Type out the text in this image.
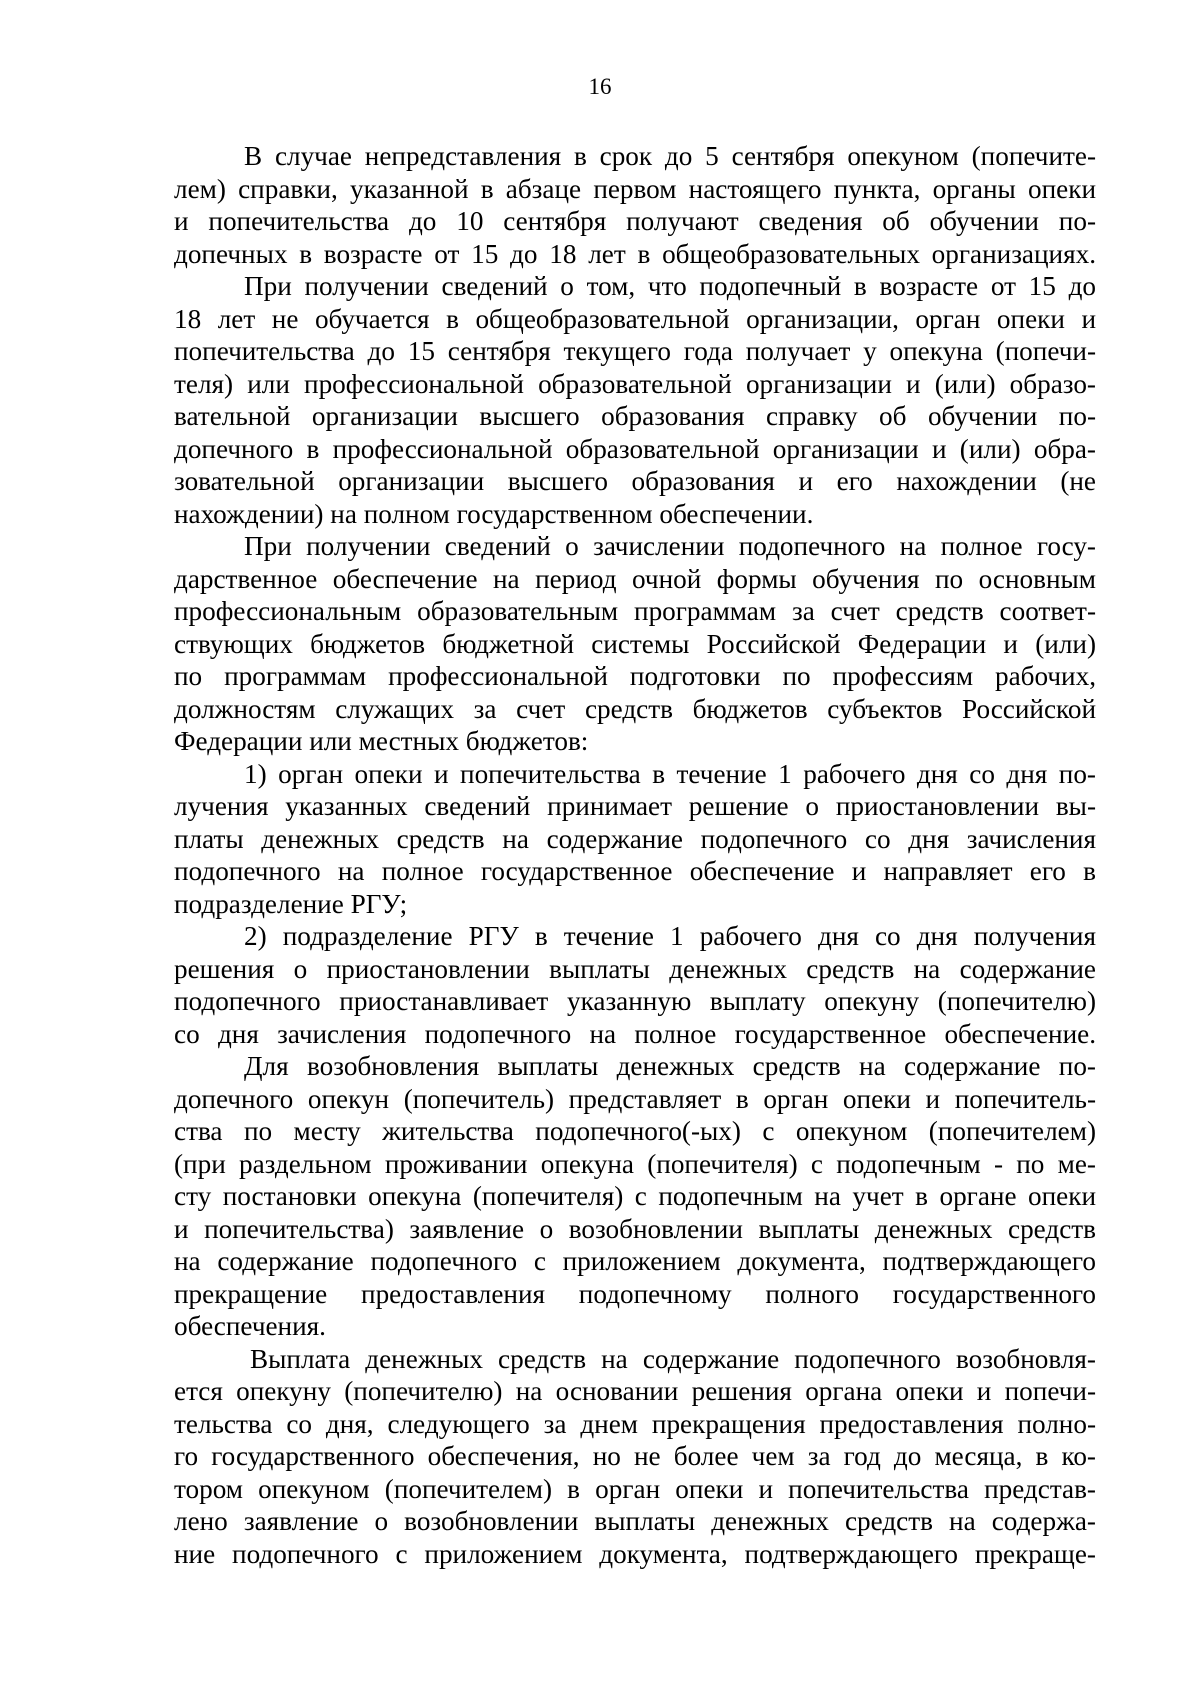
16

В случае непредставления в срок до 5 сентября опекуном (попечите-
лем) справки, указанной в абзаце первом настоящего пункта, органы опеки
и попечительства до 10 сентября получают сведения об обучении по-
допечных в возрасте от 15 до 18 лет в общеобразовательных организациях.

При получении сведений о том, что подопечный в возрасте от 15 до
18 лет не обучается в общеобразовательной организации, орган опеки и
попечительства до 15 сентября текущего года получает у опекуна (попечи-
теля) или профессиональной образовательной организации и (или) образо-
вательной организации высшего образования справку об обучении по-
допечного в профессиональной образовательной организации и (или) обра-
зовательной организации высшего образования и его нахождении (не
нахождении) на полном государственном обеспечении.

При получении сведений о зачислении подопечного на полное госу-
дарственное обеспечение на период очной формы обучения по основным
профессиональным образовательным программам за счет средств соответ-
ствующих бюджетов бюджетной системы Российской Федерации и (или)
по программам профессиональной подготовки по профессиям рабочих,
должностям служащих за счет средств бюджетов субъектов Российской
Федерации или местных бюджетов:

1) орган опеки и попечительства в течение 1 рабочего дня со дня по-
лучения указанных сведений принимает решение о приостановлении вы-
платы денежных средств на содержание подопечного со дня зачисления
подопечного на полное государственное обеспечение и направляет его в
подразделение РГУ;

2) подразделение РГУ в течение 1 рабочего дня со дня получения
решения о приостановлении выплаты денежных средств на содержание
подопечного приостанавливает указанную выплату опекуну (попечителю)
со дня зачисления подопечного на полное государственное обеспечение.

Для возобновления выплаты денежных средств на содержание по-
допечного опекун (попечитель) представляет в орган опеки и попечитель-
ства по месту жительства подопечного(-ых) с опекуном (попечителем)
(при раздельном проживании опекуна (попечителя) с подопечным - по ме-
сту постановки опекуна (попечителя) с подопечным на учет в органе опеки
и попечительства) заявление о возобновлении выплаты денежных средств
на содержание подопечного с приложением документа, подтверждающего
прекращение предоставления подопечному полного государственного
обеспечения.

Выплата денежных средств на содержание подопечного возобновля-
ется опекуну (попечителю) на основании решения органа опеки и попечи-
тельства со дня, следующего за днем прекращения предоставления полно-
го государственного обеспечения, но не более чем за год до месяца, в ко-
тором опекуном (попечителем) в орган опеки и попечительства представ-
лено заявление о возобновлении выплаты денежных средств на содержа-
ние подопечного с приложением документа, подтверждающего прекраще-
